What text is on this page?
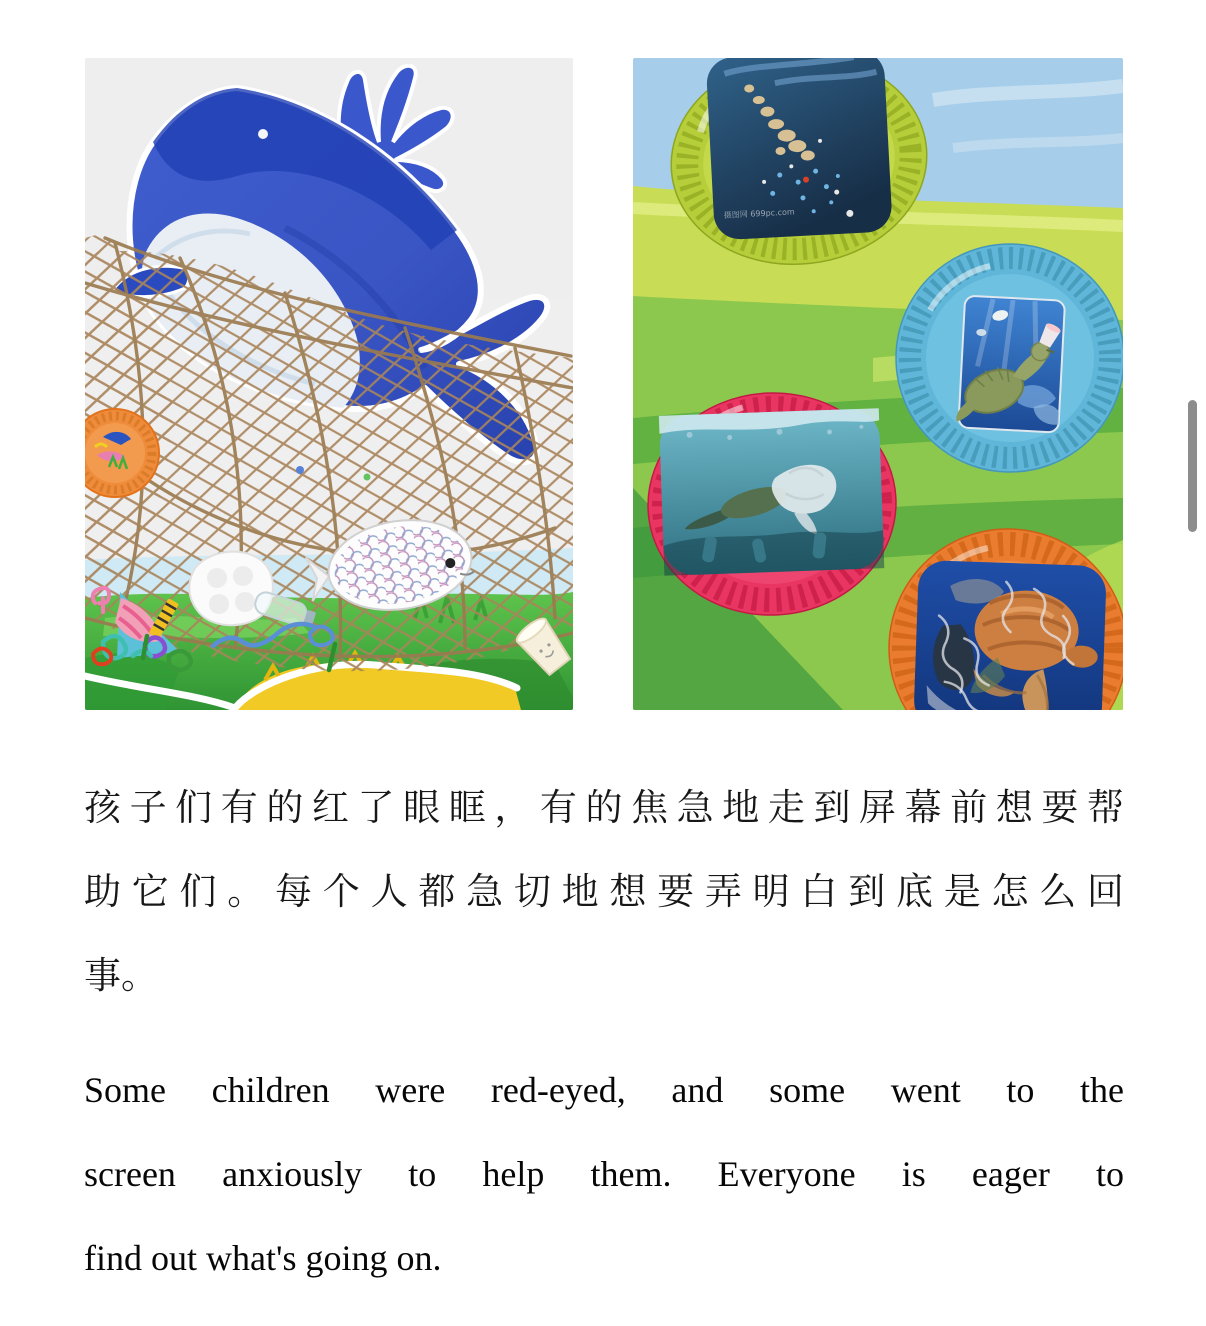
摄图网 699pc.com
孩子们有的红了眼眶，有的焦急地走到屏幕前想要帮
助它们。每个人都急切地想要弄明白到底是怎么回
事。
Some children were red-eyed, and some went to the
screen anxiously to help them. Everyone is eager to
find out what's going on.
